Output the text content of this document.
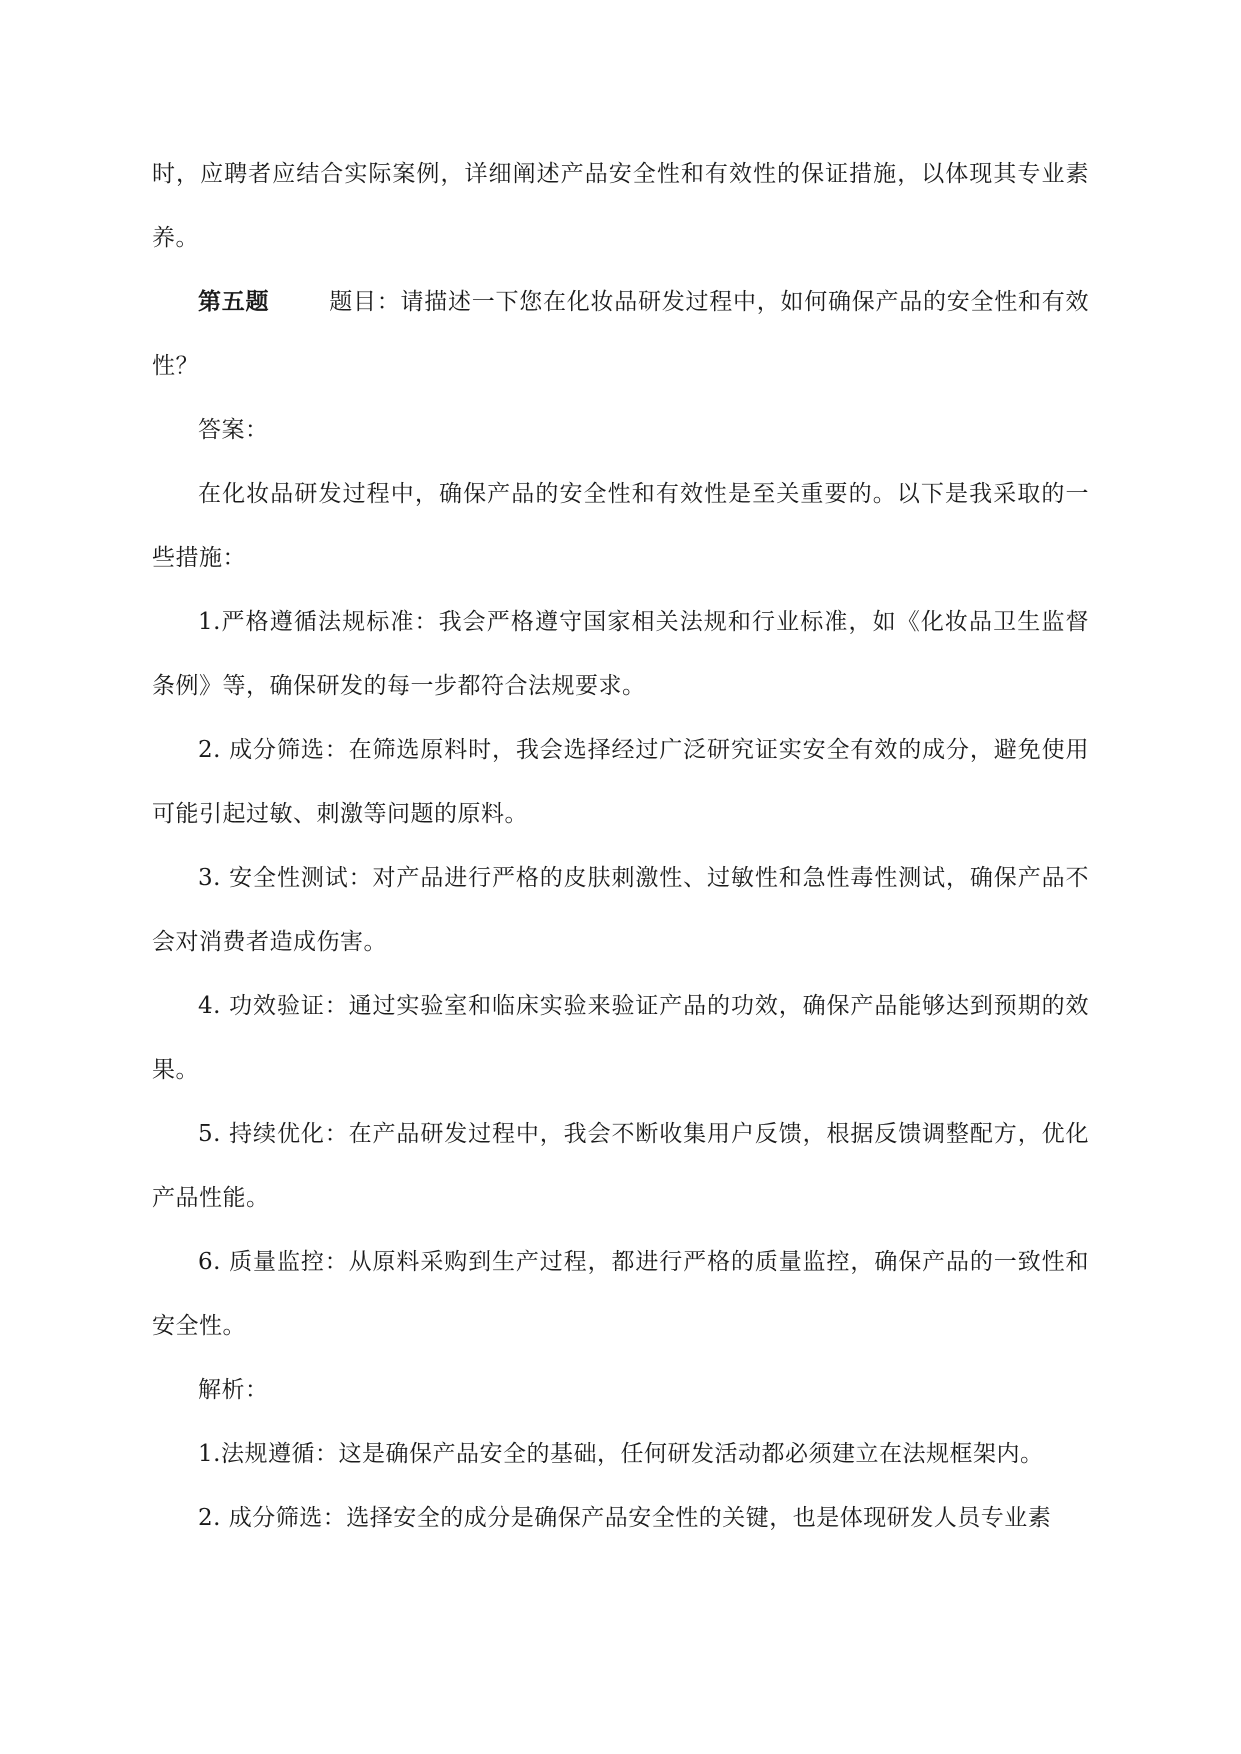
时，应聘者应结合实际案例，详细阐述产品安全性和有效性的保证措施，以体现其专业素养。

第五题	题目：请描述一下您在化妆品研发过程中，如何确保产品的安全性和有效性？

答案：

在化妆品研发过程中，确保产品的安全性和有效性是至关重要的。以下是我采取的一些措施：

1.严格遵循法规标准：我会严格遵守国家相关法规和行业标准，如《化妆品卫生监督条例》等，确保研发的每一步都符合法规要求。

2. 成分筛选：在筛选原料时，我会选择经过广泛研究证实安全有效的成分，避免使用可能引起过敏、刺激等问题的原料。

3. 安全性测试：对产品进行严格的皮肤刺激性、过敏性和急性毒性测试，确保产品不会对消费者造成伤害。

4. 功效验证：通过实验室和临床实验来验证产品的功效，确保产品能够达到预期的效果。

5. 持续优化：在产品研发过程中，我会不断收集用户反馈，根据反馈调整配方，优化产品性能。

6. 质量监控：从原料采购到生产过程，都进行严格的质量监控，确保产品的一致性和安全性。

解析：

1.法规遵循：这是确保产品安全的基础，任何研发活动都必须建立在法规框架内。

2. 成分筛选：选择安全的成分是确保产品安全性的关键，也是体现研发人员专业素
